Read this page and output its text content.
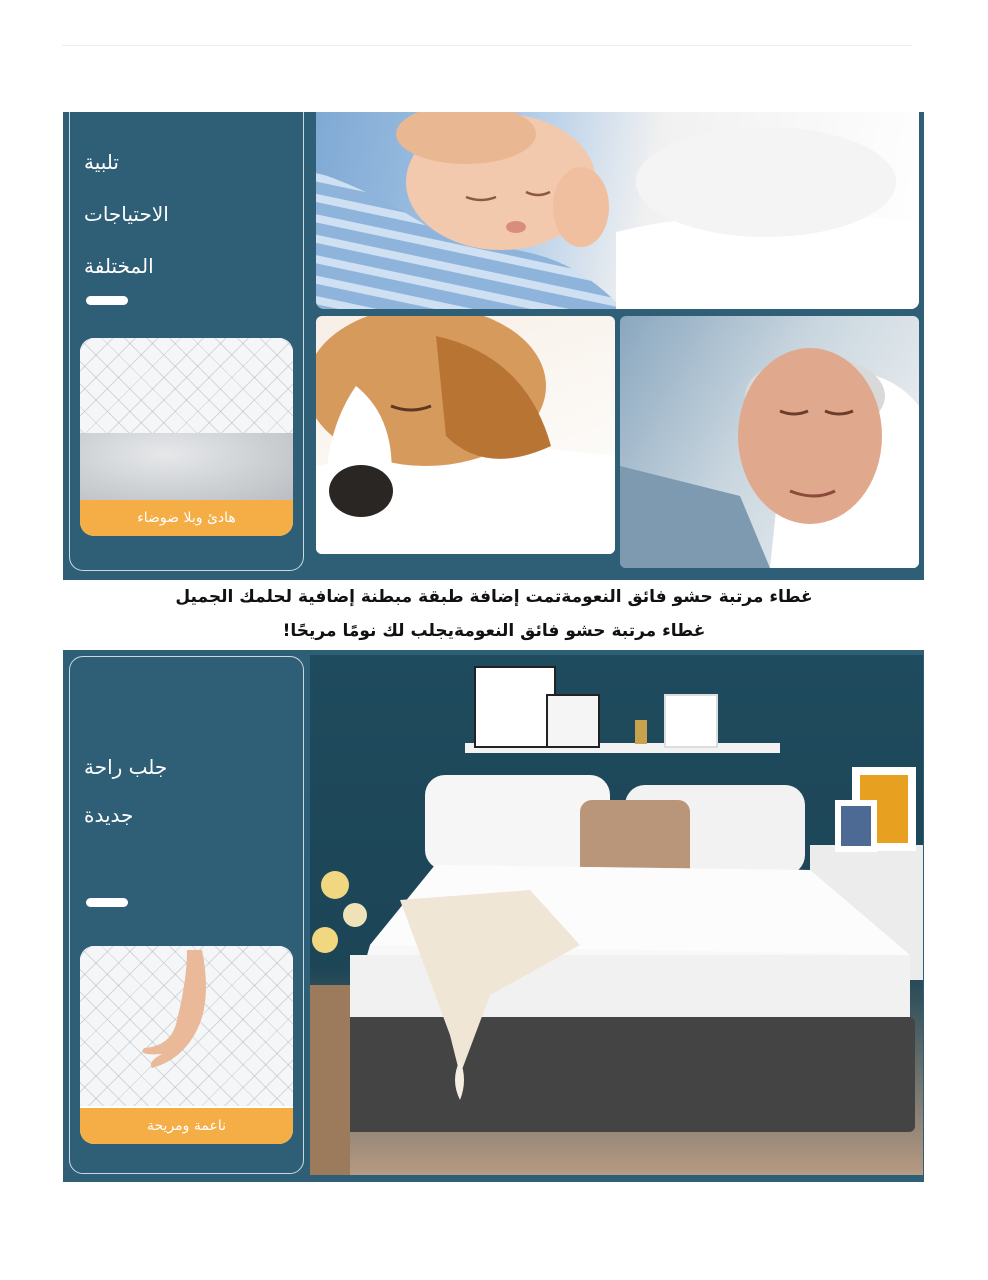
تلبية
الاحتياجات
المختلفة
هادئ وبلا ضوضاء
غطاء مرتبة حشو فائق النعومةتمت إضافة طبقة مبطنة إضافية لحلمك الجميل
غطاء مرتبة حشو فائق النعومةيجلب لك نومًا مريحًا!
جلب راحة
جديدة
ناعمة ومريحة
